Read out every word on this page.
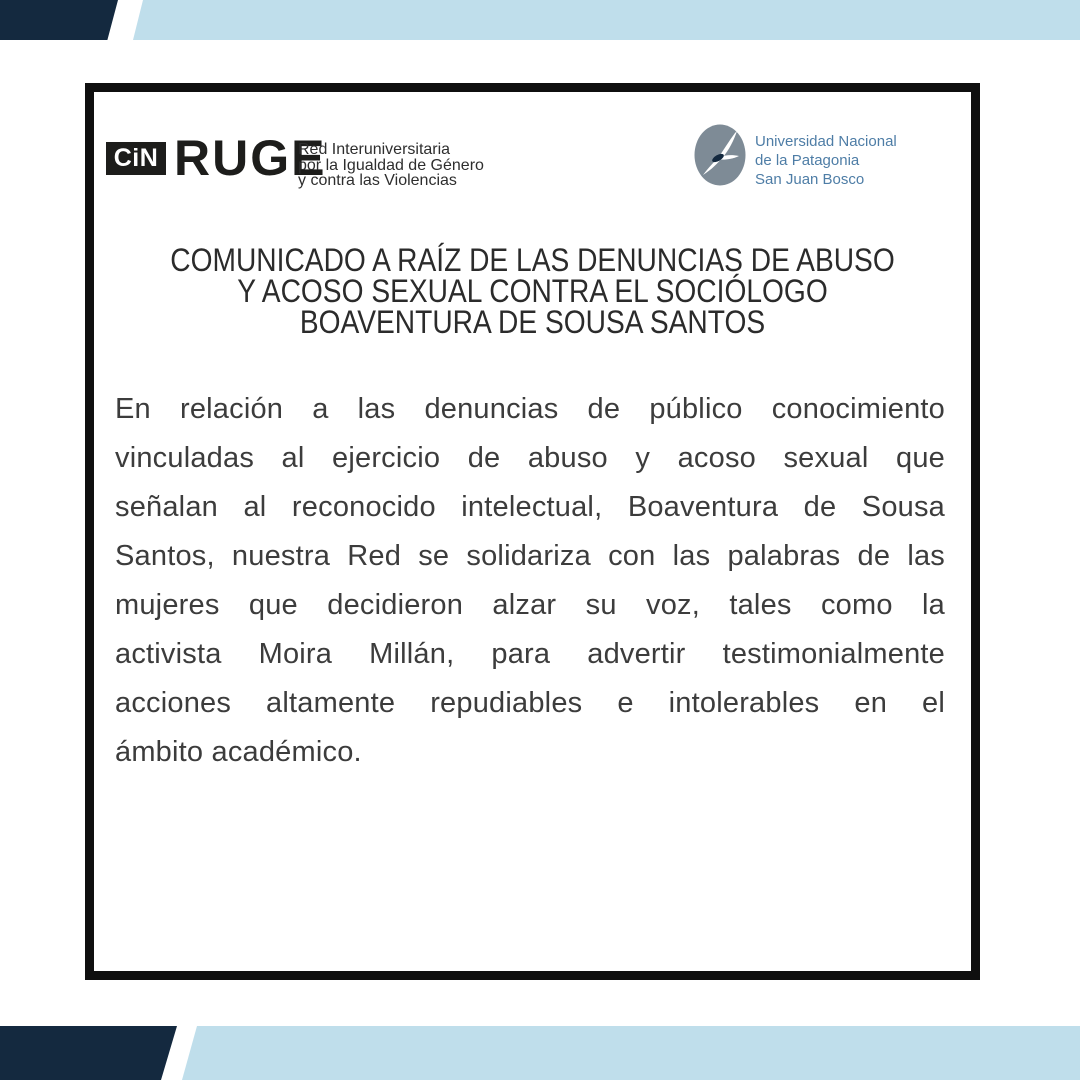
CiN RUGE
Red Interuniversitaria
por la Igualdad de Género
y contra las Violencias
Universidad Nacional
de la Patagonia
San Juan Bosco
COMUNICADO A RAÍZ DE LAS DENUNCIAS DE ABUSO
Y ACOSO SEXUAL CONTRA EL SOCIÓLOGO
BOAVENTURA DE SOUSA SANTOS
En relación a las denuncias de público conocimiento
vinculadas al ejercicio de abuso y acoso sexual que
señalan al reconocido intelectual, Boaventura de Sousa
Santos, nuestra Red se solidariza con las palabras de las
mujeres que decidieron alzar su voz, tales como la
activista Moira Millán, para advertir testimonialmente
acciones altamente repudiables e intolerables en el
ámbito académico.
